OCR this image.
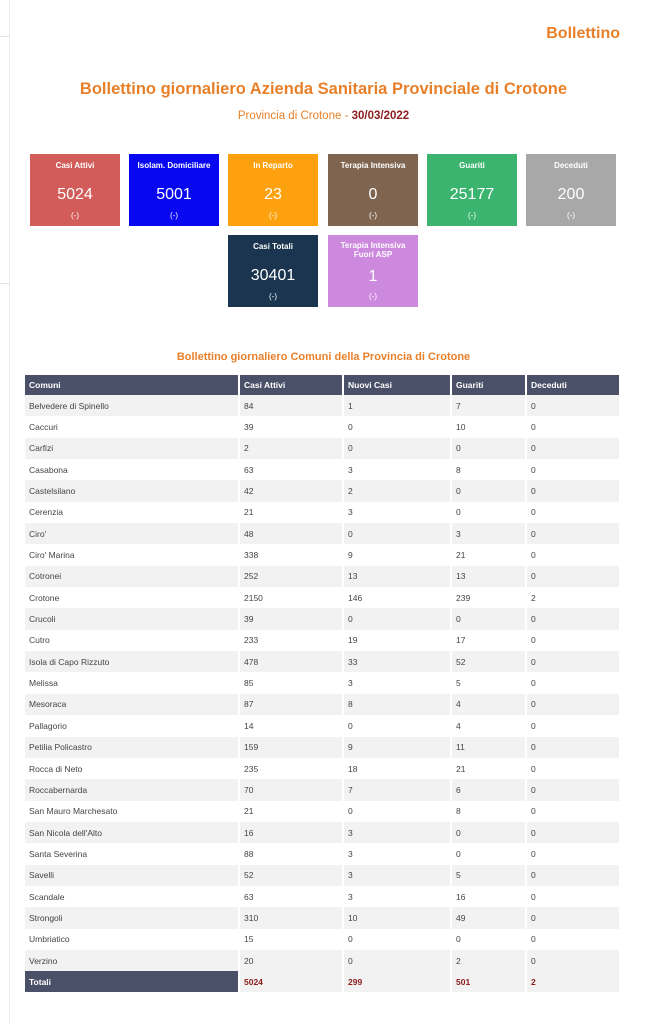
Bollettino
Bollettino giornaliero Azienda Sanitaria Provinciale di Crotone
Provincia di Crotone - 30/03/2022
Casi Attivi
5024
(-)
Isolam. Domiciliare
5001
(-)
In Reparto
23
(-)
Terapia Intensiva
0
(-)
Guariti
25177
(-)
Deceduti
200
(-)
Casi Totali
30401
(-)
Terapia Intensiva Fuori ASP
1
(-)
Bollettino giornaliero Comuni della Provincia di Crotone
Comuni	Casi Attivi	Nuovi Casi	Guariti	Deceduti
Belvedere di Spinello	84	1	7	0
Caccuri	39	0	10	0
Carfizi	2	0	0	0
Casabona	63	3	8	0
Castelsilano	42	2	0	0
Cerenzia	21	3	0	0
Ciro'	48	0	3	0
Ciro' Marina	338	9	21	0
Cotronei	252	13	13	0
Crotone	2150	146	239	2
Crucoli	39	0	0	0
Cutro	233	19	17	0
Isola di Capo Rizzuto	478	33	52	0
Melissa	85	3	5	0
Mesoraca	87	8	4	0
Pallagorio	14	0	4	0
Petilia Policastro	159	9	11	0
Rocca di Neto	235	18	21	0
Roccabernarda	70	7	6	0
San Mauro Marchesato	21	0	8	0
San Nicola dell'Alto	16	3	0	0
Santa Severina	88	3	0	0
Savelli	52	3	5	0
Scandale	63	3	16	0
Strongoli	310	10	49	0
Umbriatico	15	0	0	0
Verzino	20	0	2	0
Totali	5024	299	501	2
